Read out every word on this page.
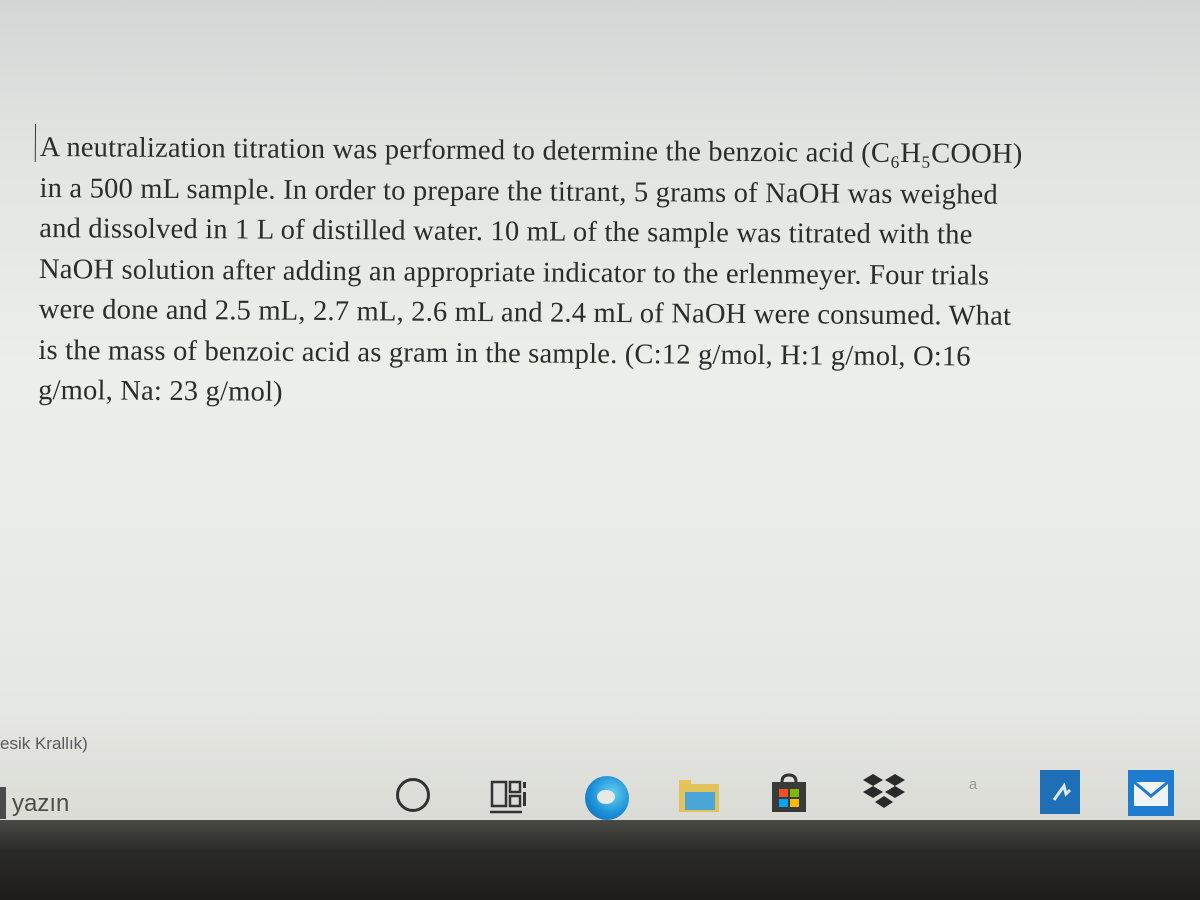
A neutralization titration was performed to determine the benzoic acid (C₆H₅COOH)
in a 500 mL sample. In order to prepare the titrant, 5 grams of NaOH was weighed
and dissolved in 1 L of distilled water. 10 mL of the sample was titrated with the
NaOH solution after adding an appropriate indicator to the erlenmeyer. Four trials
were done and 2.5 mL, 2.7 mL, 2.6 mL and 2.4 mL of NaOH were consumed. What
is the mass of benzoic acid as gram in the sample. (C:12 g/mol, H:1 g/mol, O:16
g/mol, Na: 23 g/mol)
esik Krallık)
yazın
a
